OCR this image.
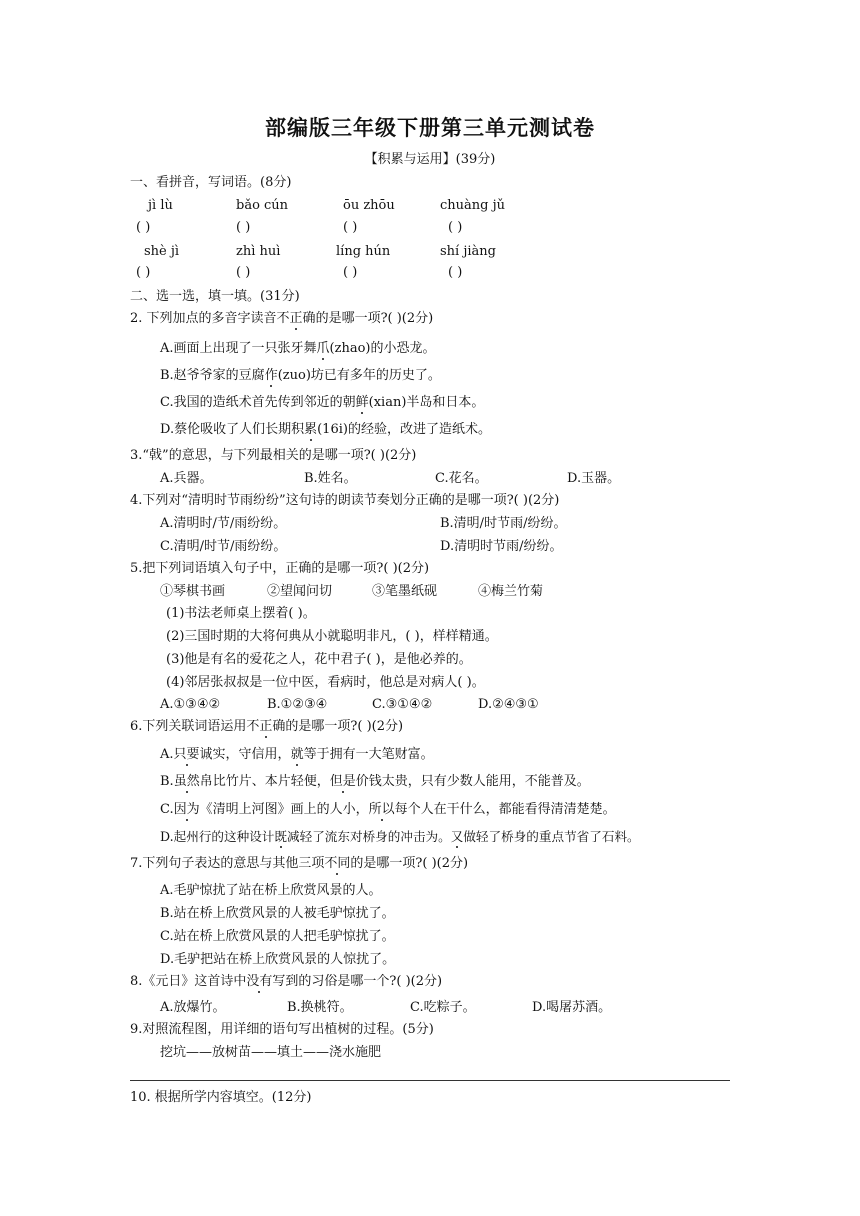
部编版三年级下册第三单元测试卷
【积累与运用】(39分)
一、看拼音，写词语。(8分)
jì lù	bǎo cún	ōu zhōu	chuàng jǔ
( )	( )	( )	( )
shè jì	zhì huì	líng hún	shí jiàng
( )	( )	( )	( )
二、选一选，填一填。(31分)
2. 下列加点的多音字读音不正确的是哪一项?( )(2分)
A.画面上出现了一只张牙舞爪(zhao)的小恐龙。
B.赵爷爷家的豆腐作(zuo)坊已有多年的历史了。
C.我国的造纸术首先传到邻近的朝鲜(xian)半岛和日本。
D.蔡伦吸收了人们长期积累(16i)的经验，改进了造纸术。
3.“戟”的意思，与下列最相关的是哪一项?( )(2分)
A.兵器。	B.姓名。	C.花名。	D.玉器。
4.下列对“清明时节雨纷纷”这句诗的朗读节奏划分正确的是哪一项?( )(2分)
A.清明时/节/雨纷纷。	B.清明/时节雨/纷纷。
C.清明/时节/雨纷纷。	D.清明时节雨/纷纷。
5.把下列词语填入句子中，正确的是哪一项?( )(2分)
①琴棋书画	②望闻问切	③笔墨纸砚	④梅兰竹菊
(1)书法老师桌上摆着( )。
(2)三国时期的大将何典从小就聪明非凡，( )，样样精通。
(3)他是有名的爱花之人，花中君子( )，是他必养的。
(4)邻居张叔叔是一位中医，看病时，他总是对病人( )。
A.①③④②	B.①②③④	C.③①④②	D.②④③①
6.下列关联词语运用不正确的是哪一项?( )(2分)
A.只要诚实，守信用，就等于拥有一大笔财富。
B.虽然帛比竹片、本片轻便，但是价钱太贵，只有少数人能用，不能普及。
C.因为《清明上河图》画上的人小，所以每个人在干什么，都能看得清清楚楚。
D.起州行的这种设计既减轻了流东对桥身的冲击为。又做轻了桥身的重点节省了石料。
7.下列句子表达的意思与其他三项不同的是哪一项?( )(2分)
A.毛驴惊扰了站在桥上欣赏风景的人。
B.站在桥上欣赏风景的人被毛驴惊扰了。
C.站在桥上欣赏风景的人把毛驴惊扰了。
D.毛驴把站在桥上欣赏风景的人惊扰了。
8.《元日》这首诗中没有写到的习俗是哪一个?( )(2分)
A.放爆竹。	B.换桃符。	C.吃粽子。	D.喝屠苏酒。
9.对照流程图，用详细的语句写出植树的过程。(5分)
挖坑——放树苗——填土——浇水施肥
10. 根据所学内容填空。(12分)
